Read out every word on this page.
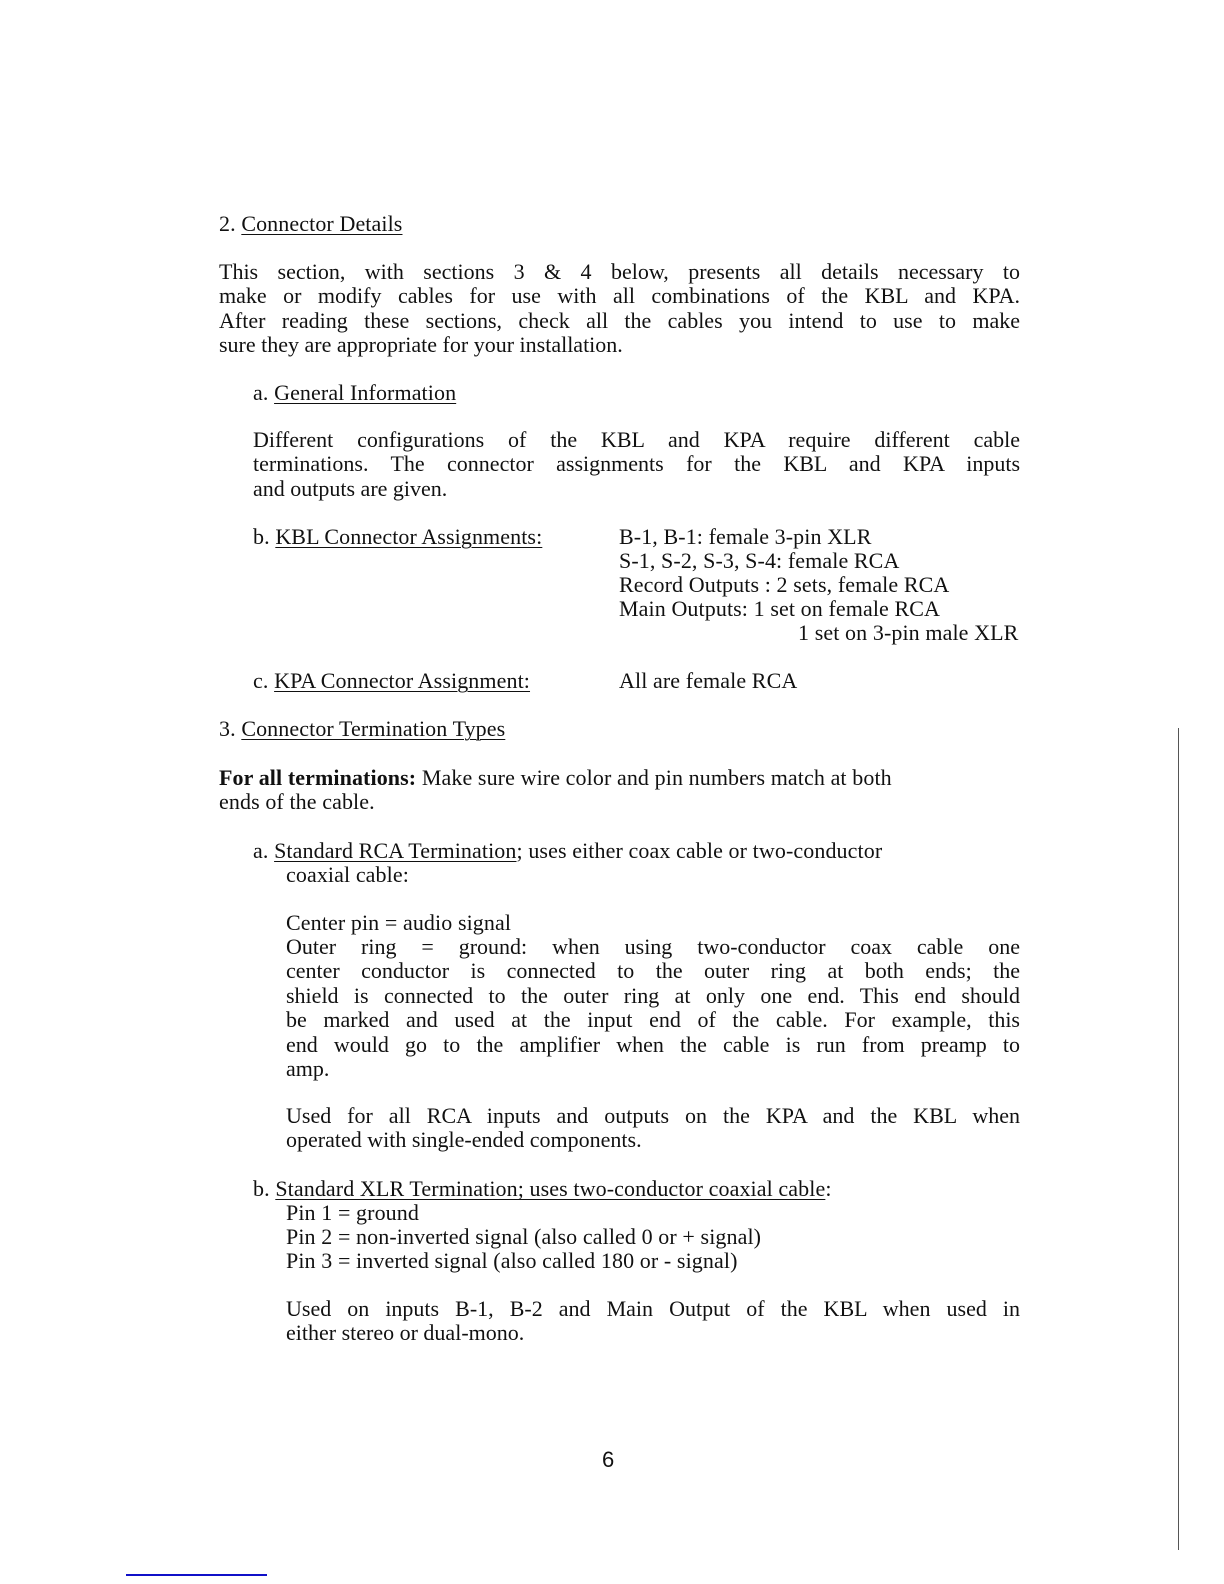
2. Connector Details
This section, with sections 3 & 4 below, presents all details necessary to
make or modify cables for use with all combinations of the KBL and KPA.
After reading these sections, check all the cables you intend to use to make
sure they are appropriate for your installation.
a. General Information
Different configurations of the KBL and KPA require different cable
terminations. The connector assignments for the KBL and KPA inputs
and outputs are given.
b. KBL Connector Assignments:	B-1, B-1: female 3-pin XLR
S-1, S-2, S-3, S-4: female RCA
Record Outputs : 2 sets, female RCA
Main Outputs: 1 set on female RCA
1 set on 3-pin male XLR
c. KPA Connector Assignment:	All are female RCA
3. Connector Termination Types
For all terminations: Make sure wire color and pin numbers match at both
ends of the cable.
a. Standard RCA Termination; uses either coax cable or two-conductor
coaxial cable:
Center pin = audio signal
Outer ring = ground: when using two-conductor coax cable one
center conductor is connected to the outer ring at both ends; the
shield is connected to the outer ring at only one end. This end should
be marked and used at the input end of the cable. For example, this
end would go to the amplifier when the cable is run from preamp to
amp.
Used for all RCA inputs and outputs on the KPA and the KBL when
operated with single-ended components.
b. Standard XLR Termination; uses two-conductor coaxial cable:
Pin 1 = ground
Pin 2 = non-inverted signal (also called 0 or + signal)
Pin 3 = inverted signal (also called 180 or - signal)
Used on inputs B-1, B-2 and Main Output of the KBL when used in
either stereo or dual-mono.
6
